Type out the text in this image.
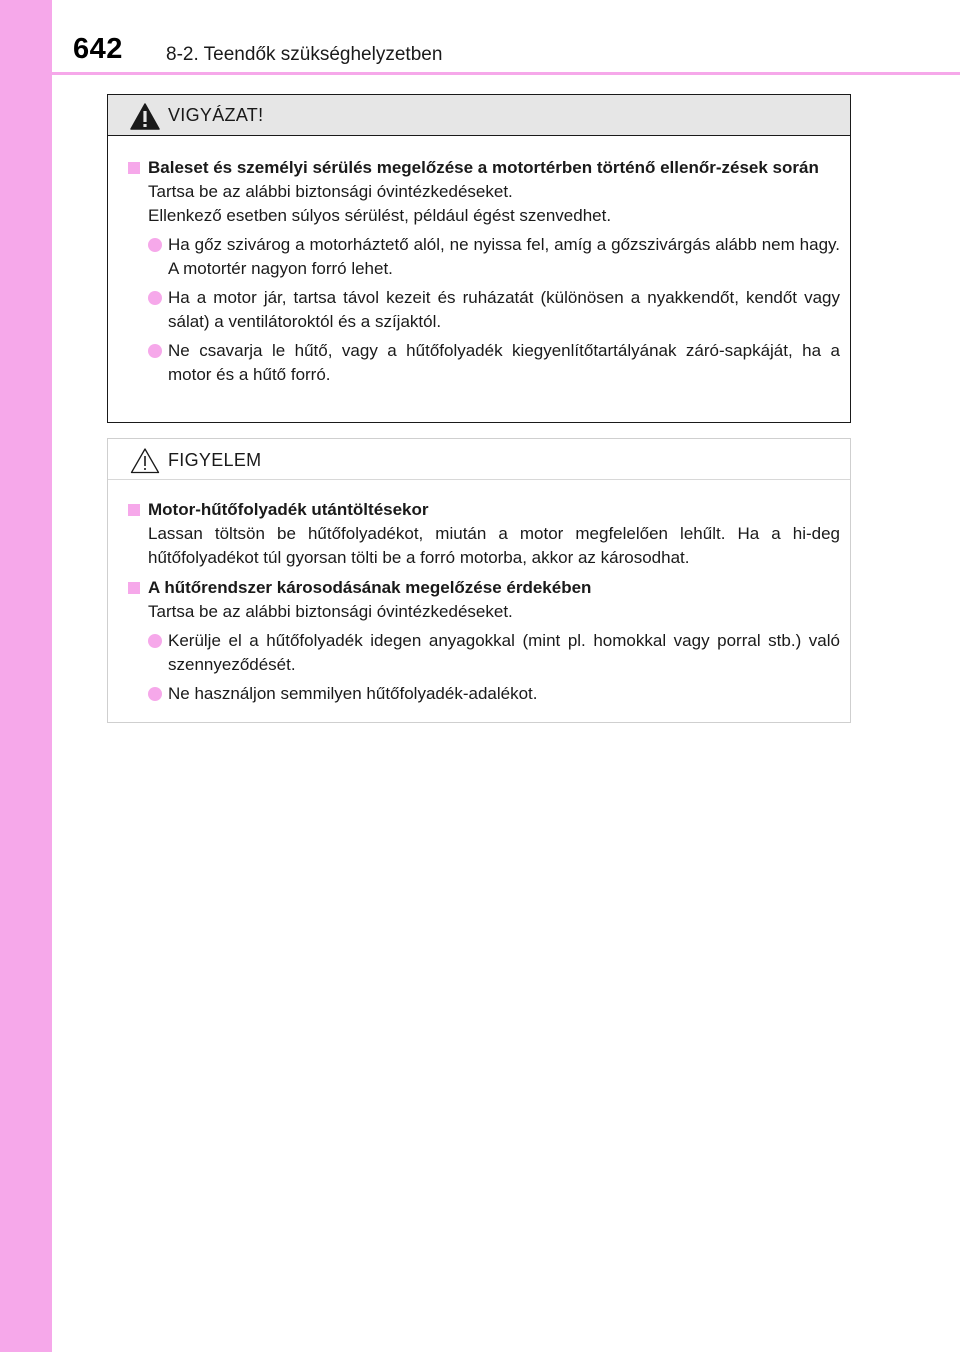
642 8-2. Teendők szükséghelyzetben
VIGYÁZAT!
Baleset és személyi sérülés megelőzése a motortérben történő ellenőr-zések során
Tartsa be az alábbi biztonsági óvintézkedéseket.
Ellenkező esetben súlyos sérülést, például égést szenvedhet.
Ha gőz szivárog a motorháztető alól, ne nyissa fel, amíg a gőzszivárgás alább nem hagy. A motortér nagyon forró lehet.
Ha a motor jár, tartsa távol kezeit és ruházatát (különösen a nyakkendőt, kendőt vagy sálat) a ventilátoroktól és a szíjaktól.
Ne csavarja le hűtő, vagy a hűtőfolyadék kiegyenlítőtartályának záró-sapkáját, ha a motor és a hűtő forró.
FIGYELEM
Motor-hűtőfolyadék utántöltésekor
Lassan töltsön be hűtőfolyadékot, miután a motor megfelelően lehűlt. Ha a hi-deg hűtőfolyadékot túl gyorsan tölti be a forró motorba, akkor az károsodhat.
A hűtőrendszer károsodásának megelőzése érdekében
Tartsa be az alábbi biztonsági óvintézkedéseket.
Kerülje el a hűtőfolyadék idegen anyagokkal (mint pl. homokkal vagy porral stb.) való szennyeződését.
Ne használjon semmilyen hűtőfolyadék-adalékot.
